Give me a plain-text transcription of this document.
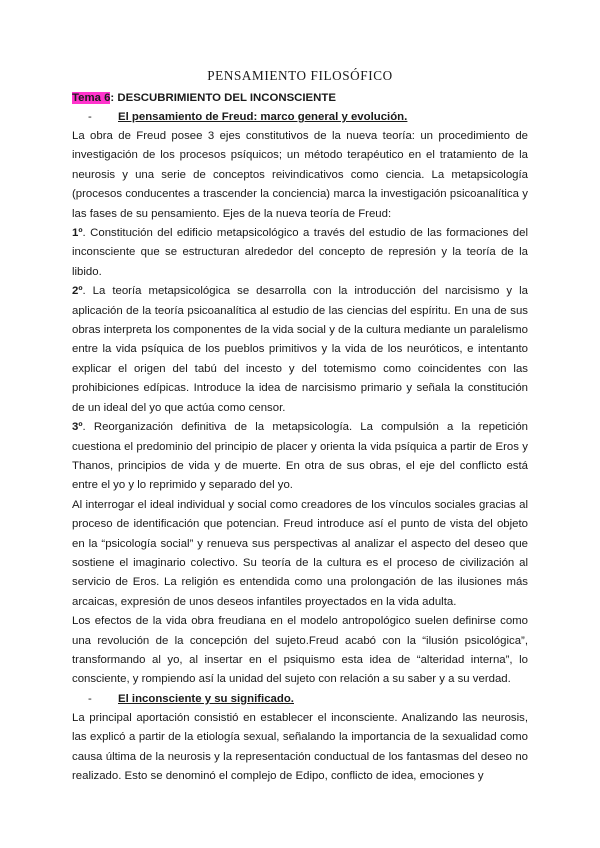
PENSAMIENTO FILOSÓFICO
Tema 6: DESCUBRIMIENTO DEL INCONSCIENTE
- El pensamiento de Freud: marco general y evolución.

La obra de Freud posee 3 ejes constitutivos de la nueva teoría: un procedimiento de investigación de los procesos psíquicos; un método terapéutico en el tratamiento de la neurosis y una serie de conceptos reivindicativos como ciencia. La metapsicología (procesos conducentes a trascender la conciencia) marca la investigación psicoanalítica y las fases de su pensamiento. Ejes de la nueva teoría de Freud:

1º. Constitución del edificio metapsicológico a través del estudio de las formaciones del inconsciente que se estructuran alrededor del concepto de represión y la teoría de la libido.

2º. La teoría metapsicológica se desarrolla con la introducción del narcisismo y la aplicación de la teoría psicoanalítica al estudio de las ciencias del espíritu. En una de sus obras interpreta los componentes de la vida social y de la cultura mediante un paralelismo entre la vida psíquica de los pueblos primitivos y la vida de los neuróticos, e intentanto explicar el origen del tabú del incesto y del totemismo como coincidentes con las prohibiciones edípicas. Introduce la idea de narcisismo primario y señala la constitución de un ideal del yo que actúa como censor.

3º. Reorganización definitiva de la metapsicología. La compulsión a la repetición cuestiona el predominio del principio de placer y orienta la vida psíquica a partir de Eros y Thanos, principios de vida y de muerte. En otra de sus obras, el eje del conflicto está entre el yo y lo reprimido y separado del yo.

Al interrogar el ideal individual y social como creadores de los vínculos sociales gracias al proceso de identificación que potencian. Freud introduce así el punto de vista del objeto en la “psicología social” y renueva sus perspectivas al analizar el aspecto del deseo que sostiene el imaginario colectivo. Su teoría de la cultura es el proceso de civilización al servicio de Eros. La religión es entendida como una prolongación de las ilusiones más arcaicas, expresión de unos deseos infantiles proyectados en la vida adulta.

Los efectos de la vida obra freudiana en el modelo antropológico suelen definirse como una revolución de la concepción del sujeto.Freud acabó con la “ilusión psicológica”, transformando al yo, al insertar en el psiquismo esta idea de “alteridad interna”, lo consciente, y rompiendo así la unidad del sujeto con relación a su saber y a su verdad.

- El inconsciente y su significado.

La principal aportación consistió en establecer el inconsciente. Analizando las neurosis, las explicó a partir de la etiología sexual, señalando la importancia de la sexualidad como causa última de la neurosis y la representación conductual de los fantasmas del deseo no realizado. Esto se denominó el complejo de Edipo, conflicto de idea, emociones y
